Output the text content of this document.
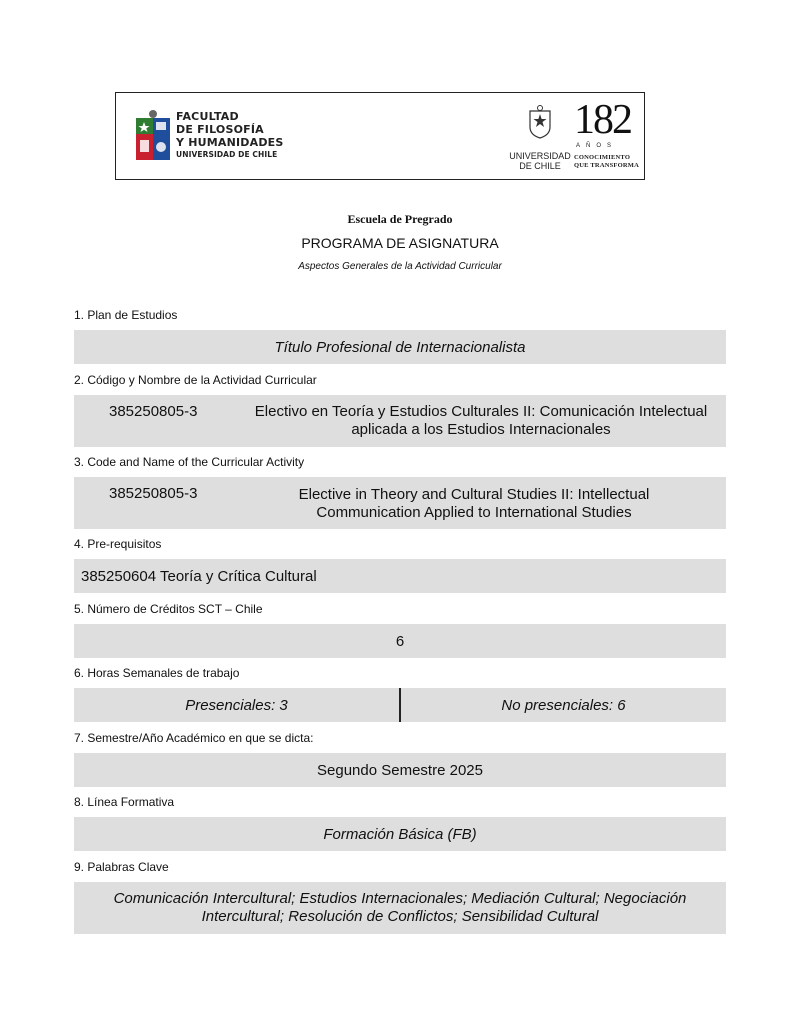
FACULTAD
DE FILOSOFÍA
Y HUMANIDADES
UNIVERSIDAD DE CHILE	UNIVERSIDAD
DE CHILE
182
AÑOS
CONOCIMIENTO
QUE TRANSFORMA
Escuela de Pregrado
PROGRAMA DE ASIGNATURA
Aspectos Generales de la Actividad Curricular
1. Plan de Estudios
Título Profesional de Internacionalista
2. Código y Nombre de la Actividad Curricular
385250805-3	Electivo en Teoría y Estudios Culturales II: Comunicación Intelectual
aplicada a los Estudios Internacionales
3. Code and Name of the Curricular Activity
385250805-3	Elective in Theory and Cultural Studies II: Intellectual
Communication Applied to International Studies
4. Pre-requisitos
385250604 Teoría y Crítica Cultural
5. Número de Créditos SCT – Chile
6
6. Horas Semanales de trabajo
Presenciales: 3	No presenciales: 6
7. Semestre/Año Académico en que se dicta:
Segundo Semestre 2025
8. Línea Formativa
Formación Básica (FB)
9. Palabras Clave
Comunicación Intercultural; Estudios Internacionales; Mediación Cultural; Negociación
Intercultural; Resolución de Conflictos; Sensibilidad Cultural
